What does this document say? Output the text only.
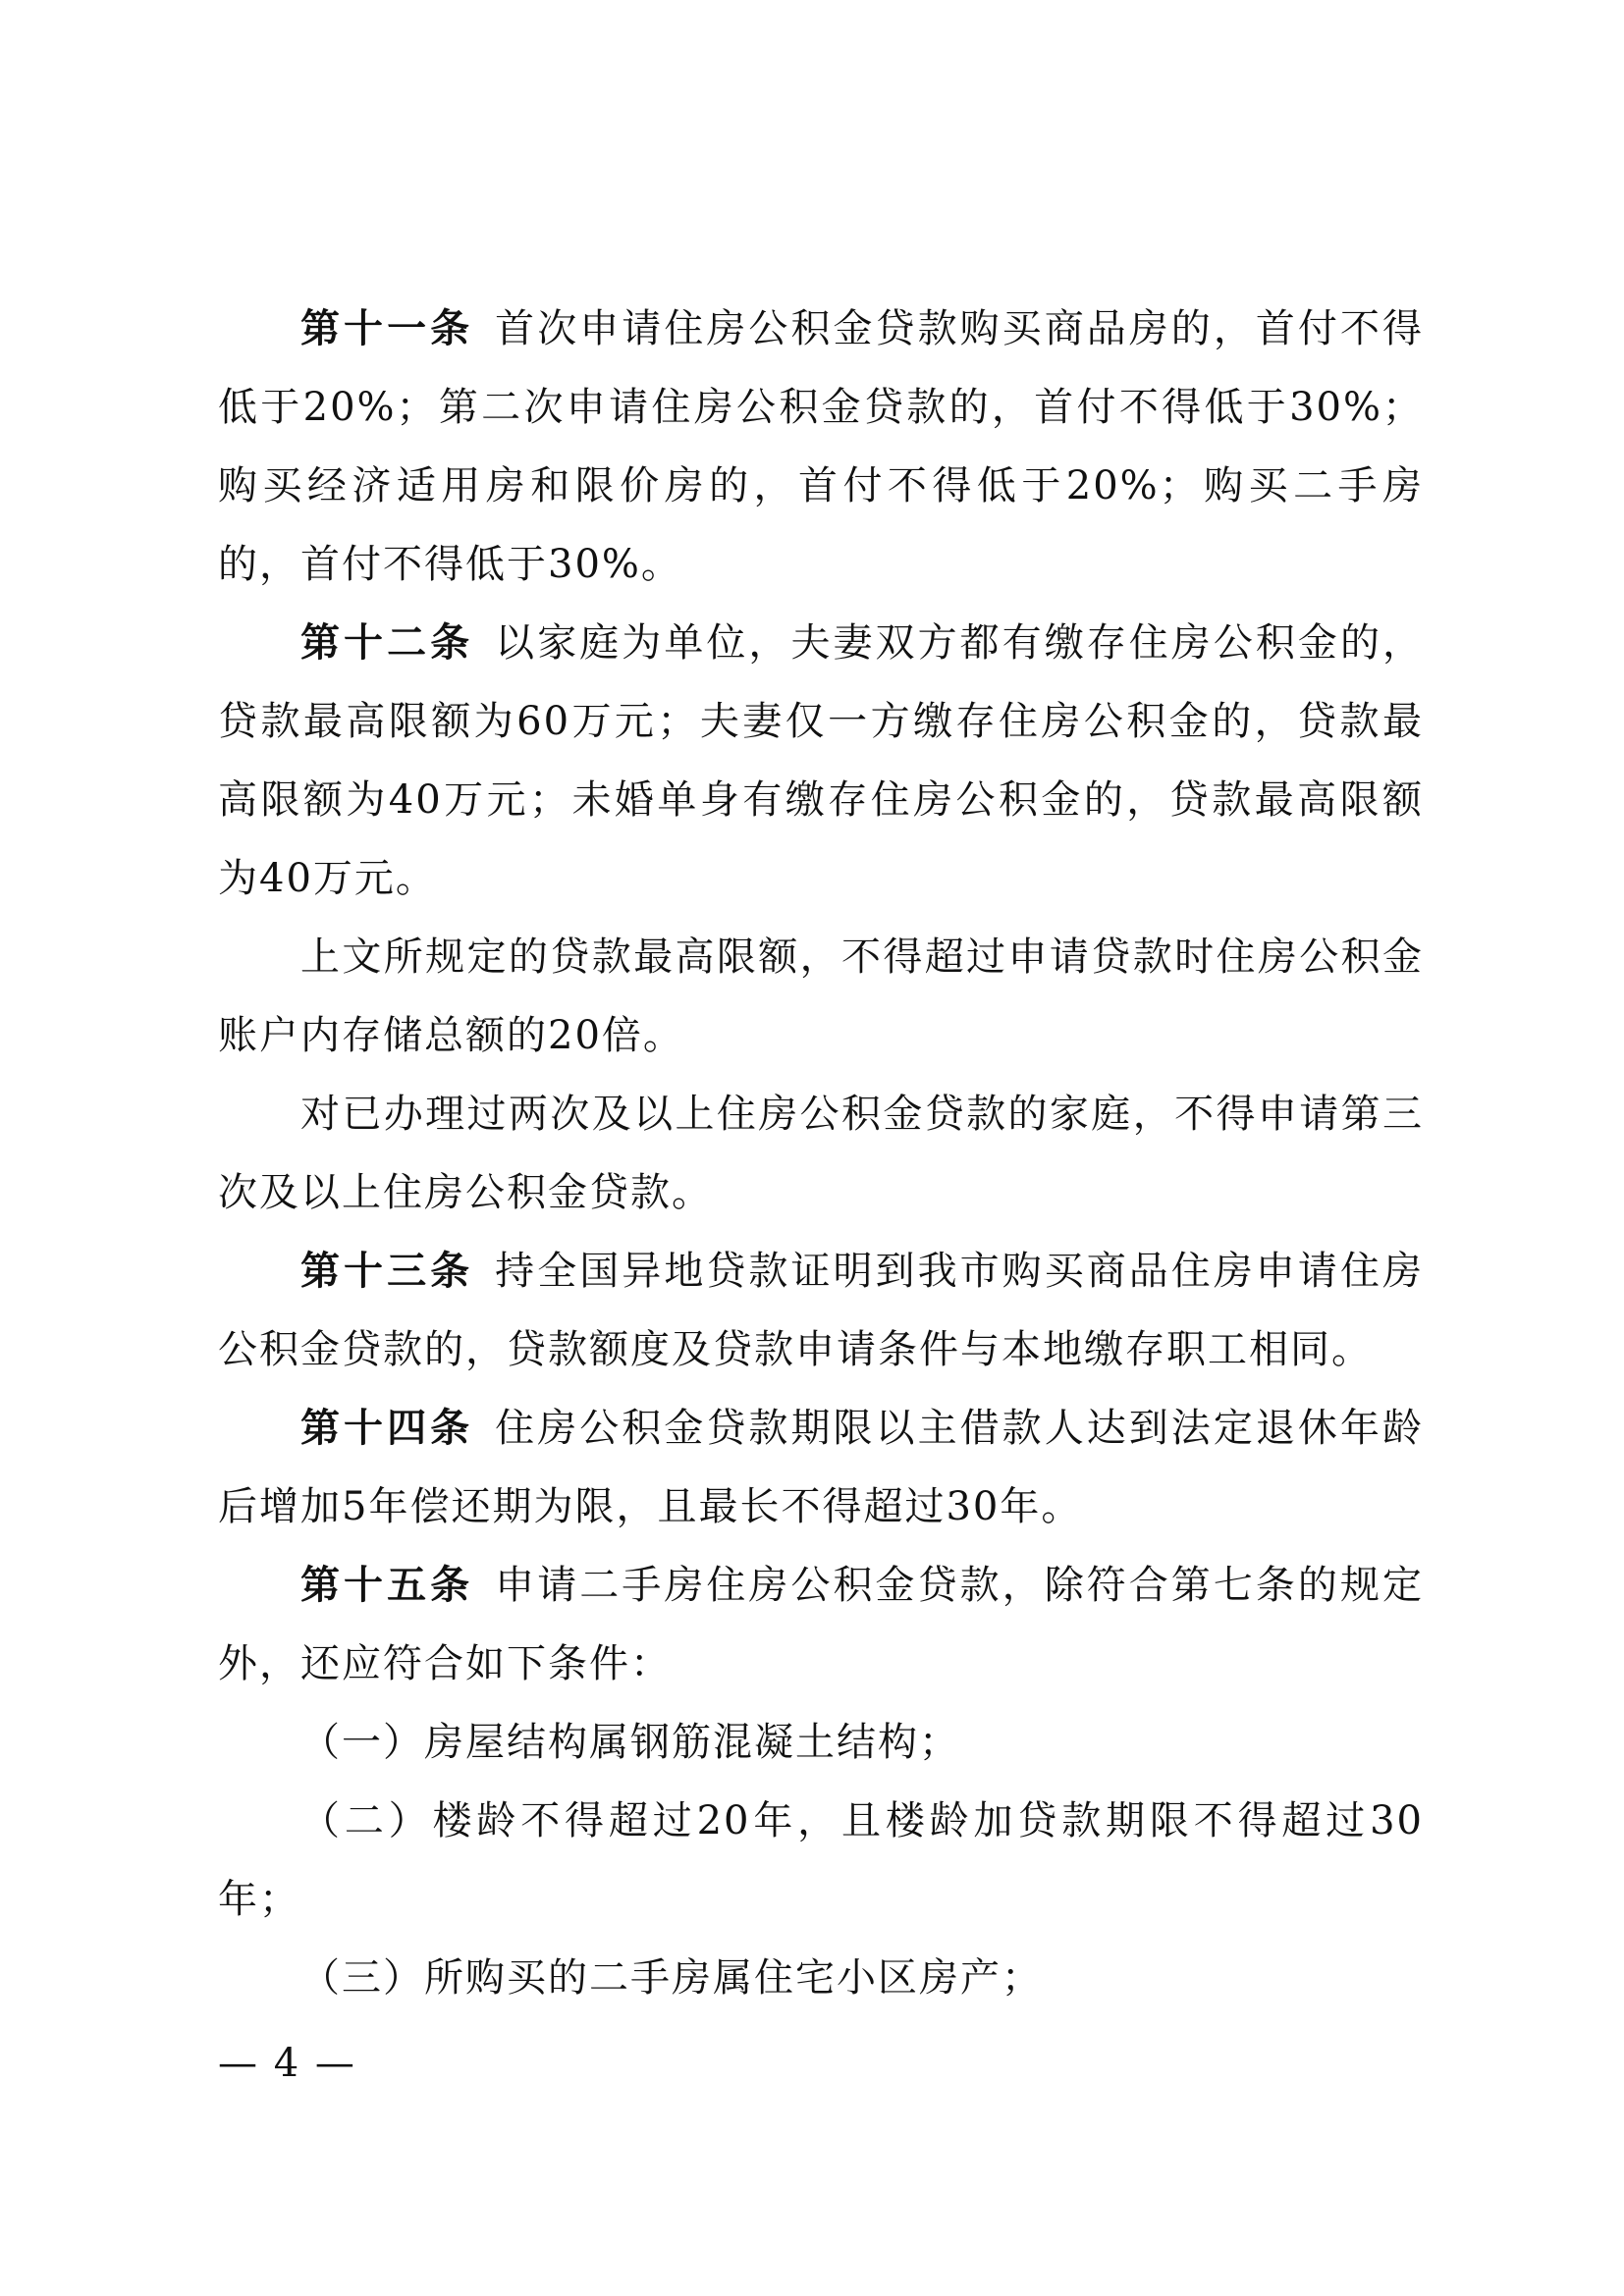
第十一条 首次申请住房公积金贷款购买商品房的，首付不得低于20%；第二次申请住房公积金贷款的，首付不得低于30%；购买经济适用房和限价房的，首付不得低于20%；购买二手房的，首付不得低于30%。

第十二条 以家庭为单位，夫妻双方都有缴存住房公积金的，贷款最高限额为60万元；夫妻仅一方缴存住房公积金的，贷款最高限额为40万元；未婚单身有缴存住房公积金的，贷款最高限额为40万元。

上文所规定的贷款最高限额，不得超过申请贷款时住房公积金账户内存储总额的20倍。

对已办理过两次及以上住房公积金贷款的家庭，不得申请第三次及以上住房公积金贷款。

第十三条 持全国异地贷款证明到我市购买商品住房申请住房公积金贷款的，贷款额度及贷款申请条件与本地缴存职工相同。

第十四条 住房公积金贷款期限以主借款人达到法定退休年龄后增加5年偿还期为限，且最长不得超过30年。

第十五条 申请二手房住房公积金贷款，除符合第七条的规定外，还应符合如下条件：

（一）房屋结构属钢筋混凝土结构；

（二）楼龄不得超过20年，且楼龄加贷款期限不得超过30年；

（三）所购买的二手房属住宅小区房产；

— 4 —
